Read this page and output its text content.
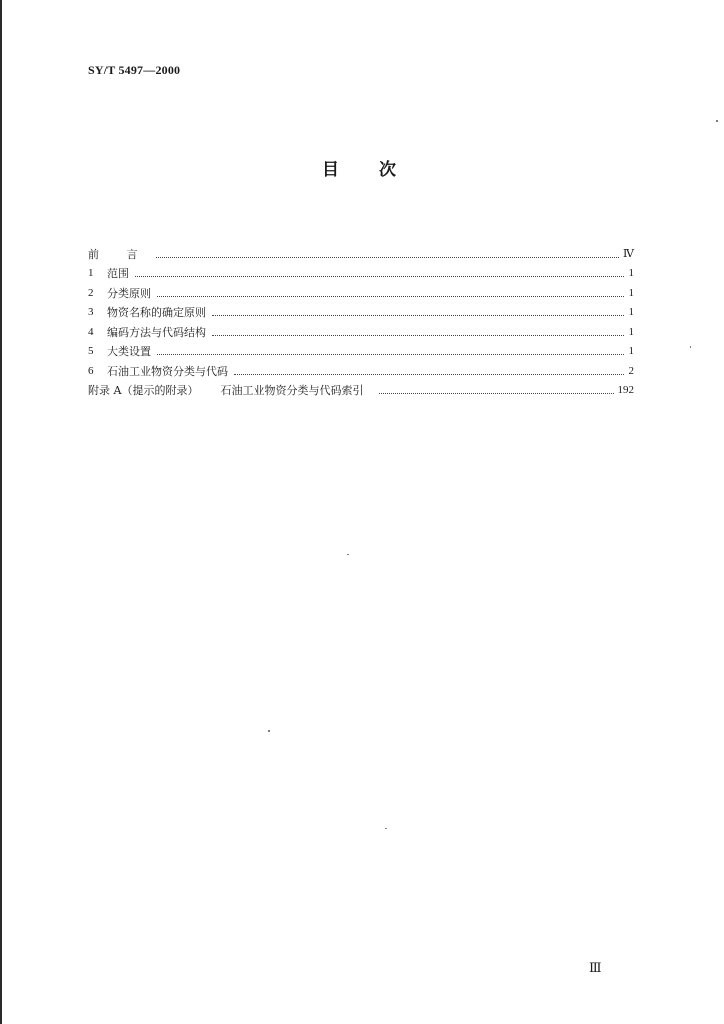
SY/T 5497—2000
目 次
前 言	Ⅳ
1	范围	1
2	分类原则	1
3	物资名称的确定原则	1
4	编码方法与代码结构	1
5	大类设置	1
6	石油工业物资分类与代码	2
附录 A（提示的附录） 石油工业物资分类与代码索引	192
Ⅲ
